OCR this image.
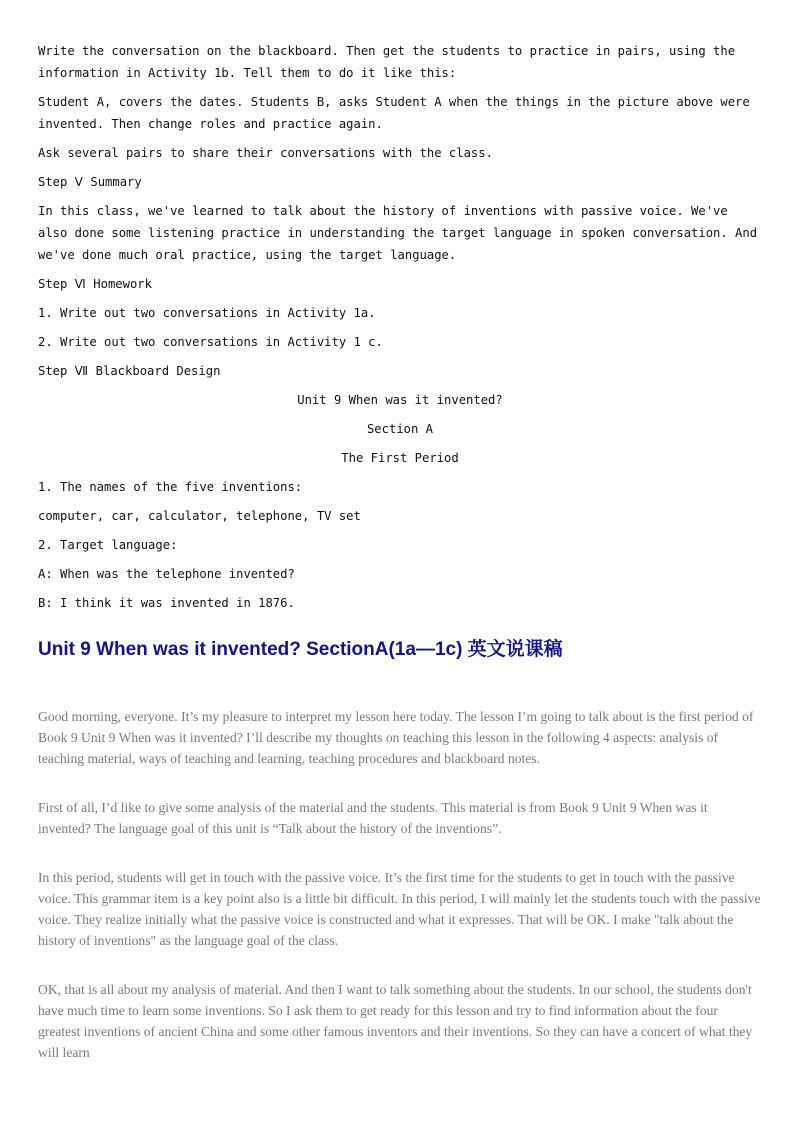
Write the conversation on the blackboard. Then get the students to practice in pairs, using the information in Activity 1b. Tell them to do it like this:

Student A, covers the dates. Students B, asks Student A when the things in the picture above were invented. Then change roles and practice again.

Ask several pairs to share their conversations with the class.

Step Ⅴ Summary

In this class, we've learned to talk about the history of inventions with passive voice. We've also done some listening practice in understanding the target language in spoken conversation. And we've done much oral practice, using the target language.

Step Ⅵ Homework

1. Write out two conversations in Activity 1a.

2. Write out two conversations in Activity 1 c.

Step Ⅶ Blackboard Design

Unit 9 When was it invented?

Section A

The First Period

1. The names of the five inventions:

computer, car, calculator, telephone, TV set

2. Target language:

A: When was the telephone invented?

B: I think it was invented in 1876.

Unit 9 When was it invented? SectionA(1a—1c) 英文说课稿

Good morning, everyone. It’s my pleasure to interpret my lesson here today. The lesson I’m going to talk about is the first period of Book 9 Unit 9 When was it invented? I’ll describe my thoughts on teaching this lesson in the following 4 aspects: analysis of teaching material, ways of teaching and learning, teaching procedures and blackboard notes.

First of all, I’d like to give some analysis of the material and the students. This material is from Book 9 Unit 9 When was it invented? The language goal of this unit is “Talk about the history of the inventions”.

In this period, students will get in touch with the passive voice. It’s the first time for the students to get in touch with the passive voice. This grammar item is a key point also is a little bit difficult. In this period, I will mainly let the students touch with the passive voice. They realize initially what the passive voice is constructed and what it expresses. That will be OK. I make "talk about the history of inventions" as the language goal of the class.

OK, that is all about my analysis of material. And then I want to talk something about the students. In our school, the students don't have much time to learn some inventions. So I ask them to get ready for this lesson and try to find information about the four greatest inventions of ancient China and some other famous inventors and their inventions. So they can have a concert of what they will learn
